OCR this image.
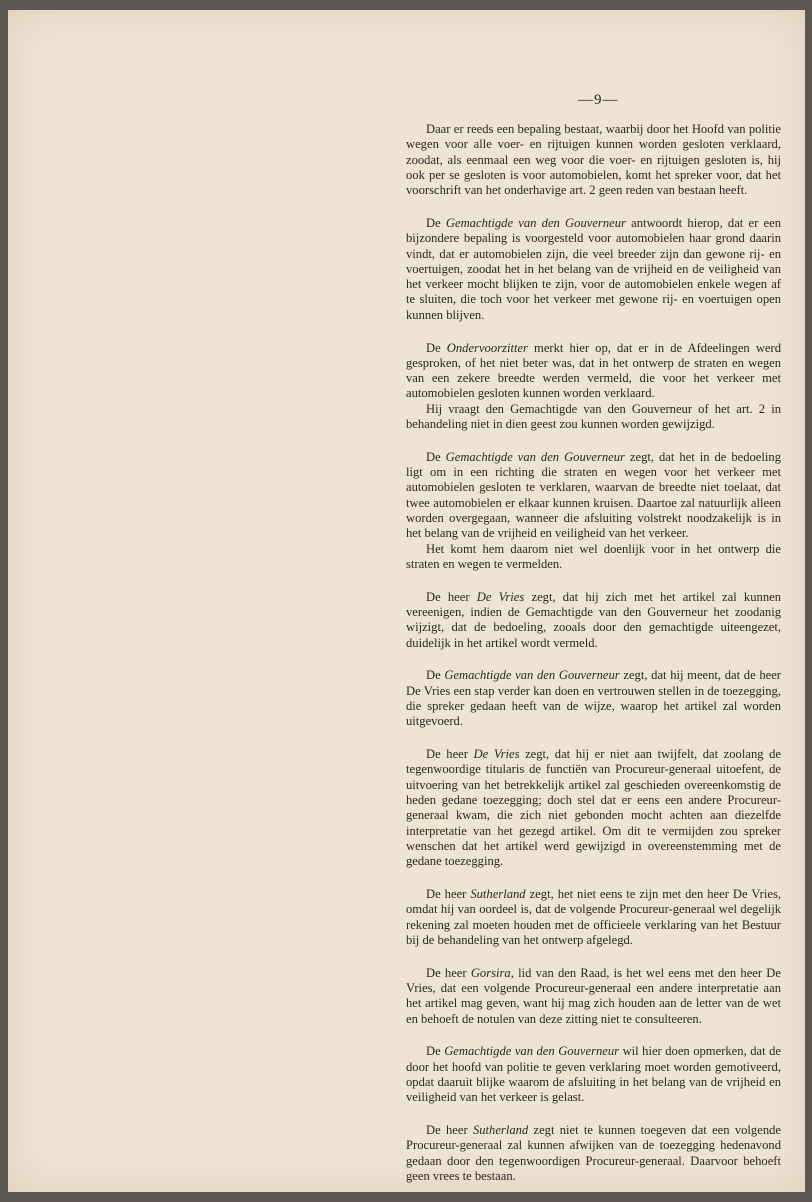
—9—

Daar er reeds een bepaling bestaat, waarbij door het Hoofd van politie wegen voor alle voer- en rijtuigen kunnen worden gesloten verklaard, zoodat, als eenmaal een weg voor die voer- en rijtuigen gesloten is, hij ook per se gesloten is voor automobielen, komt het spreker voor, dat het voorschrift van het onderhavige art. 2 geen reden van bestaan heeft.

De Gemachtigde van den Gouverneur antwoordt hierop, dat er een bijzondere bepaling is voorgesteld voor automobielen haar grond daarin vindt, dat er automobielen zijn, die veel breeder zijn dan gewone rij- en voertuigen, zoodat het in het belang van de vrijheid en de veiligheid van het verkeer mocht blijken te zijn, voor de automobielen enkele wegen af te sluiten, die toch voor het verkeer met gewone rij- en voertuigen open kunnen blijven.

De Ondervoorzitter merkt hier op, dat er in de Afdeelingen werd gesproken, of het niet beter was, dat in het ontwerp de straten en wegen van een zekere breedte werden vermeld, die voor het verkeer met automobielen gesloten kunnen worden verklaard.

Hij vraagt den Gemachtigde van den Gouverneur of het art. 2 in behandeling niet in dien geest zou kunnen worden gewijzigd.

De Gemachtigde van den Gouverneur zegt, dat het in de bedoeling ligt om in een richting die straten en wegen voor het verkeer met automobielen gesloten te verklaren, waarvan de breedte niet toelaat, dat twee automobielen er elkaar kunnen kruisen. Daartoe zal natuurlijk alleen worden overgegaan, wanneer die afsluiting volstrekt noodzakelijk is in het belang van de vrijheid en veiligheid van het verkeer.

Het komt hem daarom niet wel doenlijk voor in het ontwerp die straten en wegen te vermelden.

De heer De Vries zegt, dat hij zich met het artikel zal kunnen vereenigen, indien de Gemachtigde van den Gouverneur het zoodanig wijzigt, dat de bedoeling, zooals door den gemachtigde uiteengezet, duidelijk in het artikel wordt vermeld.

De Gemachtigde van den Gouverneur zegt, dat hij meent, dat de heer De Vries een stap verder kan doen en vertrouwen stellen in de toezegging, die spreker gedaan heeft van de wijze, waarop het artikel zal worden uitgevoerd.

De heer De Vries zegt, dat hij er niet aan twijfelt, dat zoolang de tegenwoordige titularis de functiën van Procureur-generaal uitoefent, de uitvoering van het betrekkelijk artikel zal geschieden overeenkomstig de heden gedane toezegging; doch stel dat er eens een andere Procureur-generaal kwam, die zich niet gebonden mocht achten aan diezelfde interpretatie van het gezegd artikel. Om dit te vermijden zou spreker wenschen dat het artikel werd gewijzigd in overeenstemming met de gedane toezegging.

De heer Sutherland zegt, het niet eens te zijn met den heer De Vries, omdat hij van oordeel is, dat de volgende Procureur-generaal wel degelijk rekening zal moeten houden met de officieele verklaring van het Bestuur bij de behandeling van het ontwerp afgelegd.

De heer Gorsira, lid van den Raad, is het wel eens met den heer De Vries, dat een volgende Procureur-generaal een andere interpretatie aan het artikel mag geven, want hij mag zich houden aan de letter van de wet en behoeft de notulen van deze zitting niet te consulteeren.

De Gemachtigde van den Gouverneur wil hier doen opmerken, dat de door het hoofd van politie te geven verklaring moet worden gemotiveerd, opdat daaruit blijke waarom de afsluiting in het belang van de vrijheid en veiligheid van het verkeer is gelast.

De heer Sutherland zegt niet te kunnen toegeven dat een volgende Procureur-generaal zal kunnen afwijken van de toezegging hedenavond gedaan door den tegenwoordigen Procureur-generaal. Daarvoor behoeft geen vrees te bestaan.
